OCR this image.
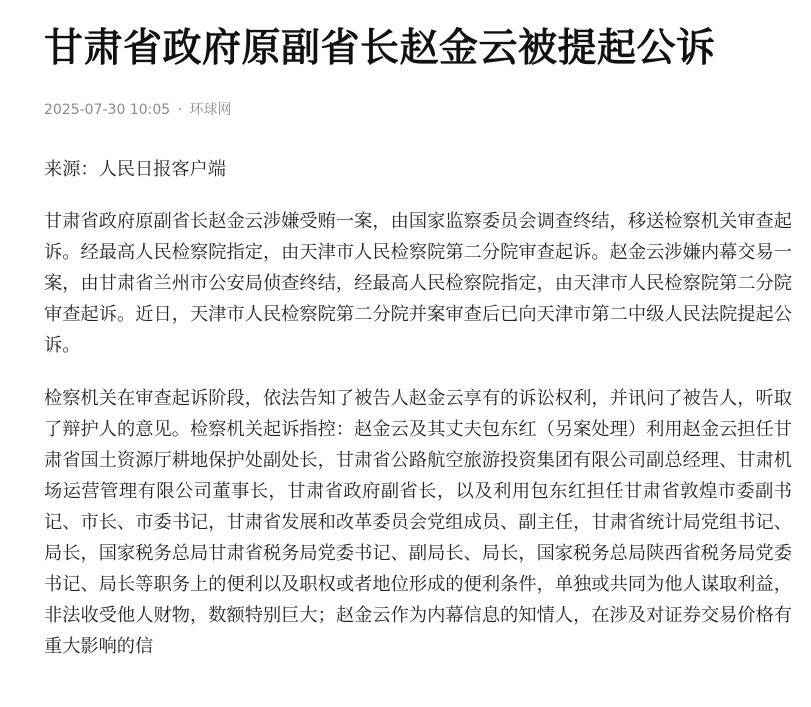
甘肃省政府原副省长赵金云被提起公诉
2025-07-30 10:05 · 环球网

来源：人民日报客户端

甘肃省政府原副省长赵金云涉嫌受贿一案，由国家监察委员会调查终结，移送检察机关审查起诉。经最高人民检察院指定，由天津市人民检察院第二分院审查起诉。赵金云涉嫌内幕交易一案，由甘肃省兰州市公安局侦查终结，经最高人民检察院指定，由天津市人民检察院第二分院审查起诉。近日，天津市人民检察院第二分院并案审查后已向天津市第二中级人民法院提起公诉。

检察机关在审查起诉阶段，依法告知了被告人赵金云享有的诉讼权利，并讯问了被告人，听取了辩护人的意见。检察机关起诉指控：赵金云及其丈夫包东红（另案处理）利用赵金云担任甘肃省国土资源厅耕地保护处副处长，甘肃省公路航空旅游投资集团有限公司副总经理、甘肃机场运营管理有限公司董事长，甘肃省政府副省长，以及利用包东红担任甘肃省敦煌市委副书记、市长、市委书记，甘肃省发展和改革委员会党组成员、副主任，甘肃省统计局党组书记、局长，国家税务总局甘肃省税务局党委书记、副局长、局长，国家税务总局陕西省税务局党委书记、局长等职务上的便利以及职权或者地位形成的便利条件，单独或共同为他人谋取利益，非法收受他人财物，数额特别巨大；赵金云作为内幕信息的知情人，在涉及对证券交易价格有重大影响的信
